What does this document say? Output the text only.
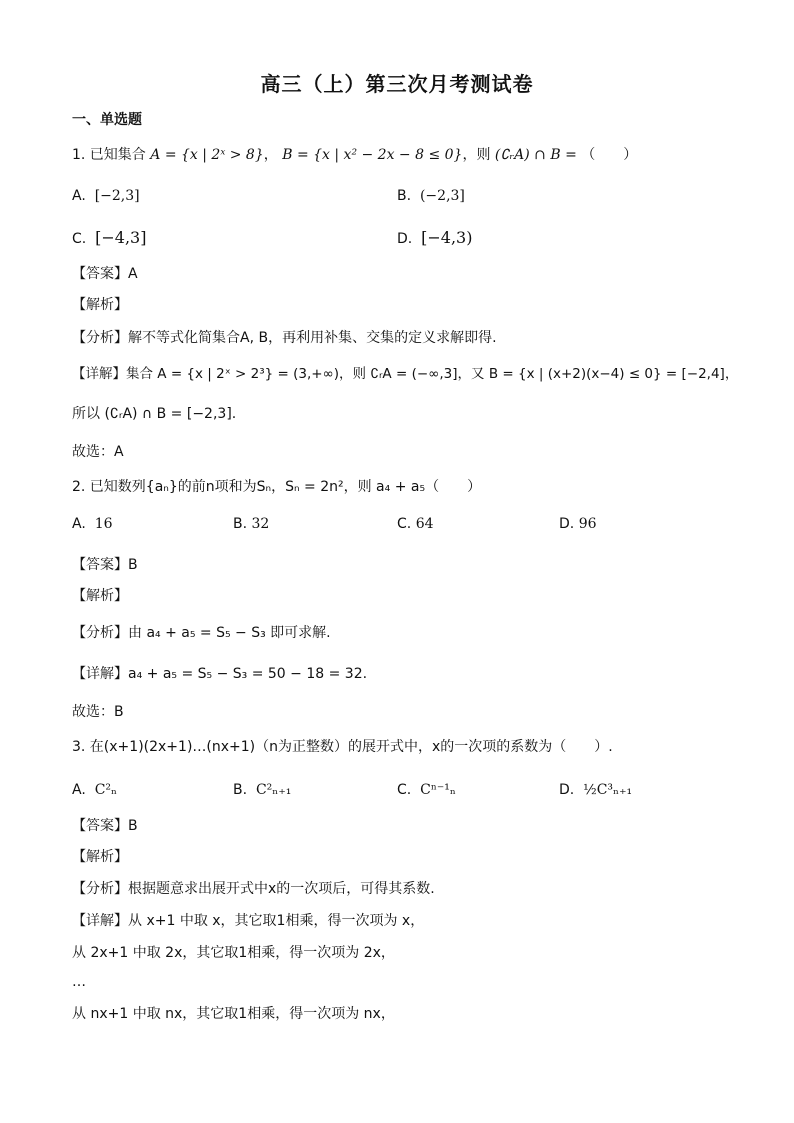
高三（上）第三次月考测试卷
一、单选题
1. 已知集合 A = {x | 2ˣ > 8}， B = {x | x² − 2x − 8 ≤ 0}，则 (∁ᵣA) ∩ B = （　　）
A. [−2,3]	B. (−2,3]
C. [−4,3]	D. [−4,3)
【答案】A
【解析】
【分析】解不等式化简集合A, B，再利用补集、交集的定义求解即得.
【详解】集合 A = {x | 2ˣ > 2³} = (3,+∞)，则 ∁ᵣA = (−∞,3]，又 B = {x | (x+2)(x−4) ≤ 0} = [−2,4]，
所以 (∁ᵣA) ∩ B = [−2,3].
故选：A
2. 已知数列{aₙ}的前n项和为Sₙ，Sₙ = 2n²，则 a₄ + a₅（　　）
A. 16	B. 32	C. 64	D. 96
【答案】B
【解析】
【分析】由 a₄ + a₅ = S₅ − S₃ 即可求解.
【详解】a₄ + a₅ = S₅ − S₃ = 50 − 18 = 32.
故选：B
3. 在(x+1)(2x+1)…(nx+1)（n为正整数）的展开式中，x的一次项的系数为（　　）.
A. C²ₙ	B. C²ₙ₊₁	C. Cⁿ⁻¹ₙ	D. ½C³ₙ₊₁
【答案】B
【解析】
【分析】根据题意求出展开式中x的一次项后，可得其系数.
【详解】从 x+1 中取 x，其它取1相乘，得一次项为 x，
从 2x+1 中取 2x，其它取1相乘，得一次项为 2x，
…
从 nx+1 中取 nx，其它取1相乘，得一次项为 nx，
